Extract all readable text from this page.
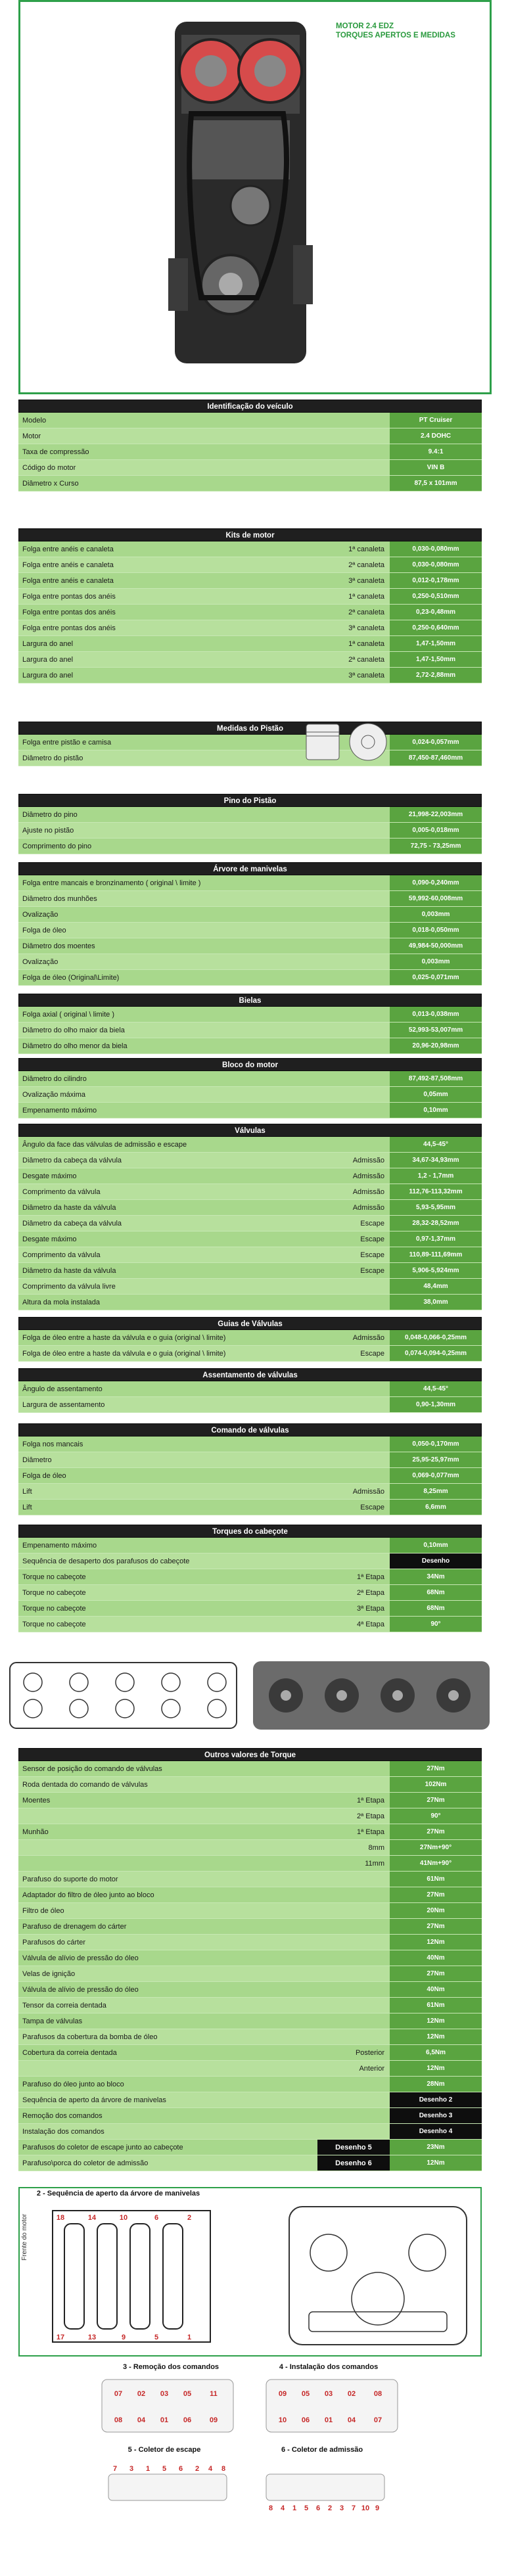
MOTOR 2.4 EDZ
TORQUES APERTOS E MEDIDAS
Identificação do veículo
Modelo	PT Cruiser
Motor	2.4 DOHC
Taxa de compressão	9.4:1
Código do motor	VIN B
Diâmetro x Curso	87,5 x 101mm
Kits de motor
Folga entre anéis e canaleta	1ª canaleta	0,030-0,080mm
Folga entre anéis e canaleta	2ª canaleta	0,030-0,080mm
Folga entre anéis e canaleta	3ª canaleta	0,012-0,178mm
Folga entre pontas dos anéis	1ª canaleta	0,250-0,510mm
Folga entre pontas dos anéis	2ª canaleta	0,23-0,48mm
Folga entre pontas dos anéis	3ª canaleta	0,250-0,640mm
Largura do anel	1ª canaleta	1,47-1,50mm
Largura do anel	2ª canaleta	1,47-1,50mm
Largura do anel	3ª canaleta	2,72-2,88mm
Medidas do Pistão
Folga entre pistão e camisa	0,024-0,057mm
Diâmetro do pistão	87,450-87,460mm
Pino do Pistão
Diâmetro do pino	21,998-22,003mm
Ajuste no pistão	0,005-0,018mm
Comprimento do pino	72,75 - 73,25mm
Árvore de manivelas
Folga entre mancais e bronzinamento ( original \ limite )	0,090-0,240mm
Diâmetro dos munhões	59,992-60,008mm
Ovalização	0,003mm
Folga de óleo	0,018-0,050mm
Diâmetro dos moentes	49,984-50,000mm
Ovalização	0,003mm
Folga de óleo (Original\Limite)	0,025-0,071mm
Bielas
Folga axial ( original \ limite )	0,013-0,038mm
Diâmetro do olho maior da biela	52,993-53,007mm
Diâmetro do olho menor da biela	20,96-20,98mm
Bloco do motor
Diâmetro do cilindro	87,492-87,508mm
Ovalização máxima	0,05mm
Empenamento máximo	0,10mm
Válvulas
Ângulo da face das válvulas de admissão e escape	44,5-45°
Diâmetro da cabeça da válvula	Admissão	34,67-34,93mm
Desgate máximo	Admissão	1,2 - 1,7mm
Comprimento da válvula	Admissão	112,76-113,32mm
Diâmetro da haste da válvula	Admissão	5,93-5,95mm
Diâmetro da cabeça da válvula	Escape	28,32-28,52mm
Desgate máximo	Escape	0,97-1,37mm
Comprimento da válvula	Escape	110,89-111,69mm
Diâmetro da haste da válvula	Escape	5,906-5,924mm
Comprimento da válvula livre	48,4mm
Altura da mola instalada	38,0mm
Guias de Válvulas
Folga de óleo entre a haste da válvula e o guia (original \ limite)	Admissão	0,048-0,066-0,25mm
Folga de óleo entre a haste da válvula e o guia (original \ limite)	Escape	0,074-0,094-0,25mm
Assentamento de válvulas
Ângulo de assentamento	44,5-45°
Largura de assentamento	0,90-1,30mm
Comando de válvulas
Folga nos mancais	0,050-0,170mm
Diâmetro	25,95-25,97mm
Folga de óleo	0,069-0,077mm
Lift	Admissão	8,25mm
Lift	Escape	6,6mm
Torques do cabeçote
Empenamento máximo	0,10mm
Sequência de desaperto dos parafusos do cabeçote	Desenho
Torque no cabeçote	1ª Etapa	34Nm
Torque no cabeçote	2ª Etapa	68Nm
Torque no cabeçote	3ª Etapa	68Nm
Torque no cabeçote	4ª Etapa	90°
Outros valores de Torque
Sensor de posição do comando de válvulas	27Nm
Roda dentada do comando de válvulas	102Nm
Moentes	1ª Etapa	27Nm
2ª Etapa	90°
Munhão	1ª Etapa	27Nm
8mm	27Nm+90°
11mm	41Nm+90°
Parafuso do suporte do motor	61Nm
Adaptador do filtro de óleo junto ao bloco	27Nm
Filtro de óleo	20Nm
Parafuso de drenagem do cárter	27Nm
Parafusos do cárter	12Nm
Válvula de alívio de pressão do óleo	40Nm
Velas de ignição	27Nm
Válvula de alívio de pressão do óleo	40Nm
Tensor da correia dentada	61Nm
Tampa de válvulas	12Nm
Parafusos da cobertura da bomba de óleo	12Nm
Cobertura da correia dentada	Posterior	6,5Nm
Anterior	12Nm
Parafuso do óleo junto ao bloco	28Nm
Sequência de aperto da árvore de manivelas	Desenho 2
Remoção dos comandos	Desenho 3
Instalação dos comandos	Desenho 4
Parafusos do coletor de escape junto ao cabeçote	Desenho 5	23Nm
Parafuso\porca do coletor de admissão	Desenho 6	12Nm
2 - Sequência de aperto da árvore de manivelas
Frente do motor	18	14	10	6	2
17	13	9	5	1
3 - Remoção dos comandos	4 - Instalação dos comandos
07 02 03 05	11
08 04 01 06	09
09 05 03 02	08
10 06 01 04	07
5 - Coletor de escape	6 - Coletor de admissão
7 3 1 5 6 2 4 8
8 4 1 5 6 2 3 7 10 9
